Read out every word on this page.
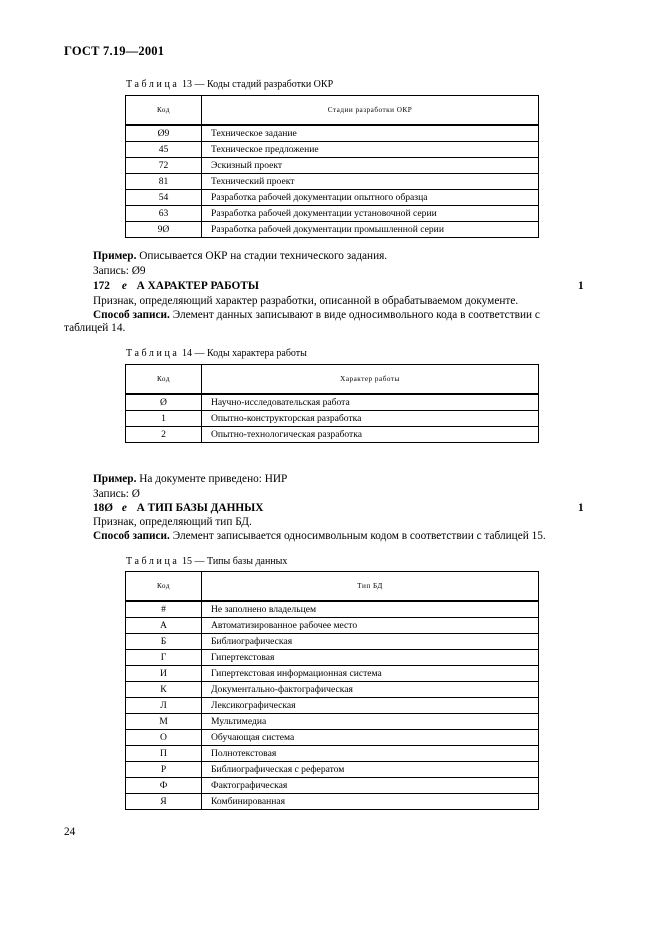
ГОСТ 7.19—2001
Таблица 13 — Коды стадий разработки ОКР
Код	Стадии разработки ОКР
Ø9	Техническое задание
45	Техническое предложение
72	Эскизный проект
81	Технический проект
54	Разработка рабочей документации опытного образца
63	Разработка рабочей документации установочной серии
9Ø	Разработка рабочей документации промышленной серии
Пример. Описывается ОКР на стадии технического задания.
Запись: Ø9
172 е А ХАРАКТЕР РАБОТЫ	1
Признак, определяющий характер разработки, описанной в обрабатываемом документе.
Способ записи. Элемент данных записывают в виде односимвольного кода в соответствии с
таблицей 14.
Таблица 14 — Коды характера работы
Код	Характер работы
Ø	Научно-исследовательская работа
1	Опытно-конструкторская разработка
2	Опытно-технологическая разработка
Пример. На документе приведено: НИР
Запись: Ø
18Ø е А ТИП БАЗЫ ДАННЫХ	1
Признак, определяющий тип БД.
Способ записи. Элемент записывается односимвольным кодом в соответствии с таблицей 15.
Таблица 15 — Типы базы данных
Код	Тип БД
#	Не заполнено владельцем
А	Автоматизированное рабочее место
Б	Библиографическая
Г	Гипертекстовая
И	Гипертекстовая информационная система
К	Документально-фактографическая
Л	Лексикографическая
М	Мультимедиа
О	Обучающая система
П	Полнотекстовая
Р	Библиографическая с рефератом
Ф	Фактографическая
Я	Комбинированная
24
